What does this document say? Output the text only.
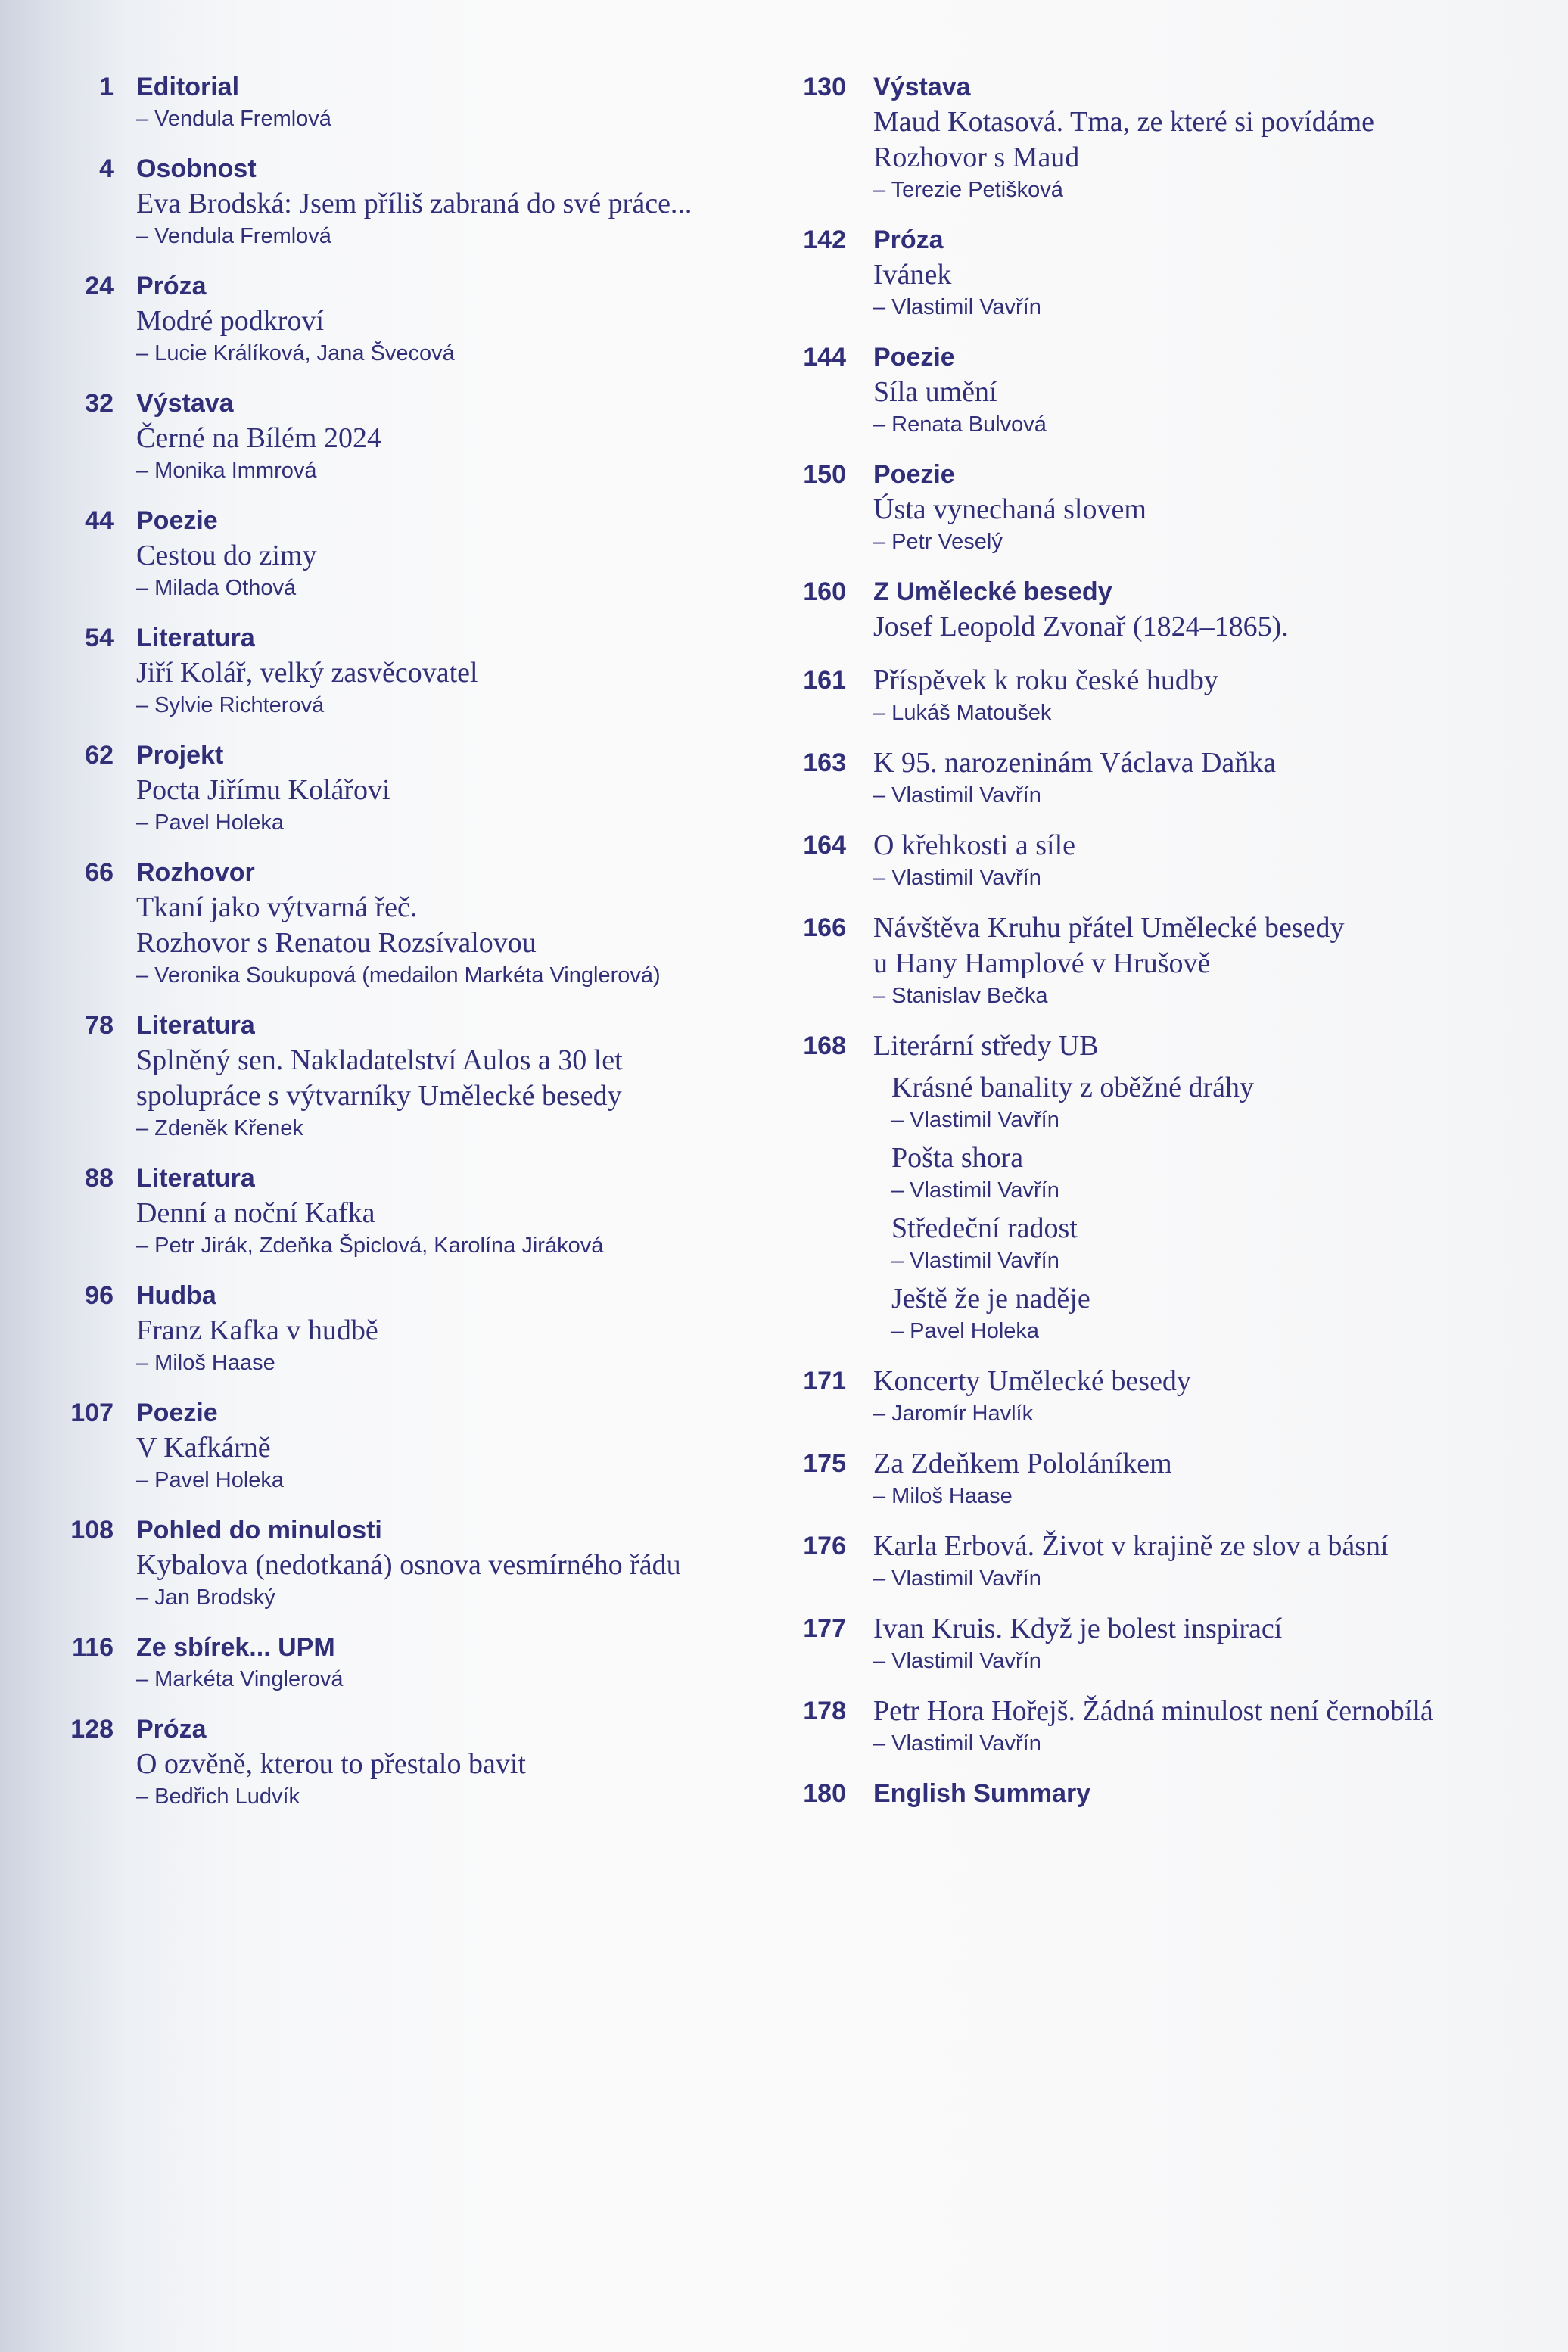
1 Editorial
– Vendula Fremlová
4 Osobnost
Eva Brodská: Jsem příliš zabraná do své práce...
– Vendula Fremlová
24 Próza
Modré podkroví
– Lucie Králíková, Jana Švecová
32 Výstava
Černé na Bílém 2024
– Monika Immrová
44 Poezie
Cestou do zimy
– Milada Othová
54 Literatura
Jiří Kolář, velký zasvěcovatel
– Sylvie Richterová
62 Projekt
Pocta Jiřímu Kolářovi
– Pavel Holeka
66 Rozhovor
Tkaní jako výtvarná řeč.
Rozhovor s Renatou Rozsívalovou
– Veronika Soukupová (medailon Markéta Vinglerová)
78 Literatura
Splněný sen. Nakladatelství Aulos a 30 let
spolupráce s výtvarníky Umělecké besedy
– Zdeněk Křenek
88 Literatura
Denní a noční Kafka
– Petr Jirák, Zdeňka Špiclová, Karolína Jiráková
96 Hudba
Franz Kafka v hudbě
– Miloš Haase
107 Poezie
V Kafkárně
– Pavel Holeka
108 Pohled do minulosti
Kybalova (nedotkaná) osnova vesmírného řádu
– Jan Brodský
116 Ze sbírek... UPM
– Markéta Vinglerová
128 Próza
O ozvěně, kterou to přestalo bavit
– Bedřich Ludvík
130 Výstava
Maud Kotasová. Tma, ze které si povídáme
Rozhovor s Maud
– Terezie Petišková
142 Próza
Ivánek
– Vlastimil Vavřín
144 Poezie
Síla umění
– Renata Bulvová
150 Poezie
Ústa vynechaná slovem
– Petr Veselý
160 Z Umělecké besedy
Josef Leopold Zvonař (1824–1865).
161 Příspěvek k roku české hudby
– Lukáš Matoušek
163 K 95. narozeninám Václava Daňka
– Vlastimil Vavřín
164 O křehkosti a síle
– Vlastimil Vavřín
166 Návštěva Kruhu přátel Umělecké besedy
u Hany Hamplové v Hrušově
– Stanislav Bečka
168 Literární středy UB
Krásné banality z oběžné dráhy
– Vlastimil Vavřín
Pošta shora
– Vlastimil Vavřín
Středeční radost
– Vlastimil Vavřín
Ještě že je naděje
– Pavel Holeka
171 Koncerty Umělecké besedy
– Jaromír Havlík
175 Za Zdeňkem Pololáníkem
– Miloš Haase
176 Karla Erbová. Život v krajině ze slov a básní
– Vlastimil Vavřín
177 Ivan Kruis. Když je bolest inspirací
– Vlastimil Vavřín
178 Petr Hora Hořejš. Žádná minulost není černobílá
– Vlastimil Vavřín
180 English Summary
